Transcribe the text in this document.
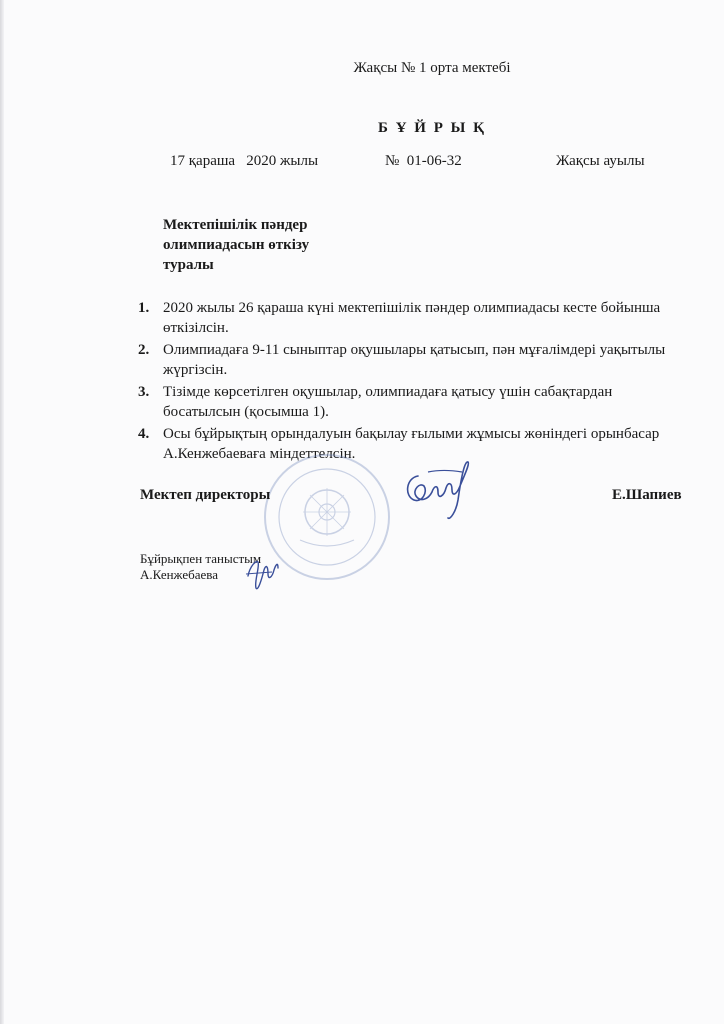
Жақсы № 1 орта мектебі
Б Ұ Й Р Ы Қ
17 қараша   2020 жылы	№  01-06-32	Жақсы ауылы
Мектепішілік пәндер
олимпиадасын өткізу
туралы
1. 2020 жылы 26 қараша күні мектепішілік пәндер олимпиадасы кесте бойынша
өткізілсін.
2. Олимпиадаға 9-11 сыныптар оқушылары қатысып, пән мұғалімдері уақытылы
жүргізсін.
3. Тізімде көрсетілген оқушылар, олимпиадаға қатысу үшін сабақтардан
босатылсын (қосымша 1).
4. Осы бұйрықтың орындалуын бақылау ғылыми жұмысы жөніндегі орынбасар
А.Кенжебаеваға міндеттелсін.
Мектеп директоры	Е.Шапиев
Бұйрықпен таныстым
А.Кенжебаева
